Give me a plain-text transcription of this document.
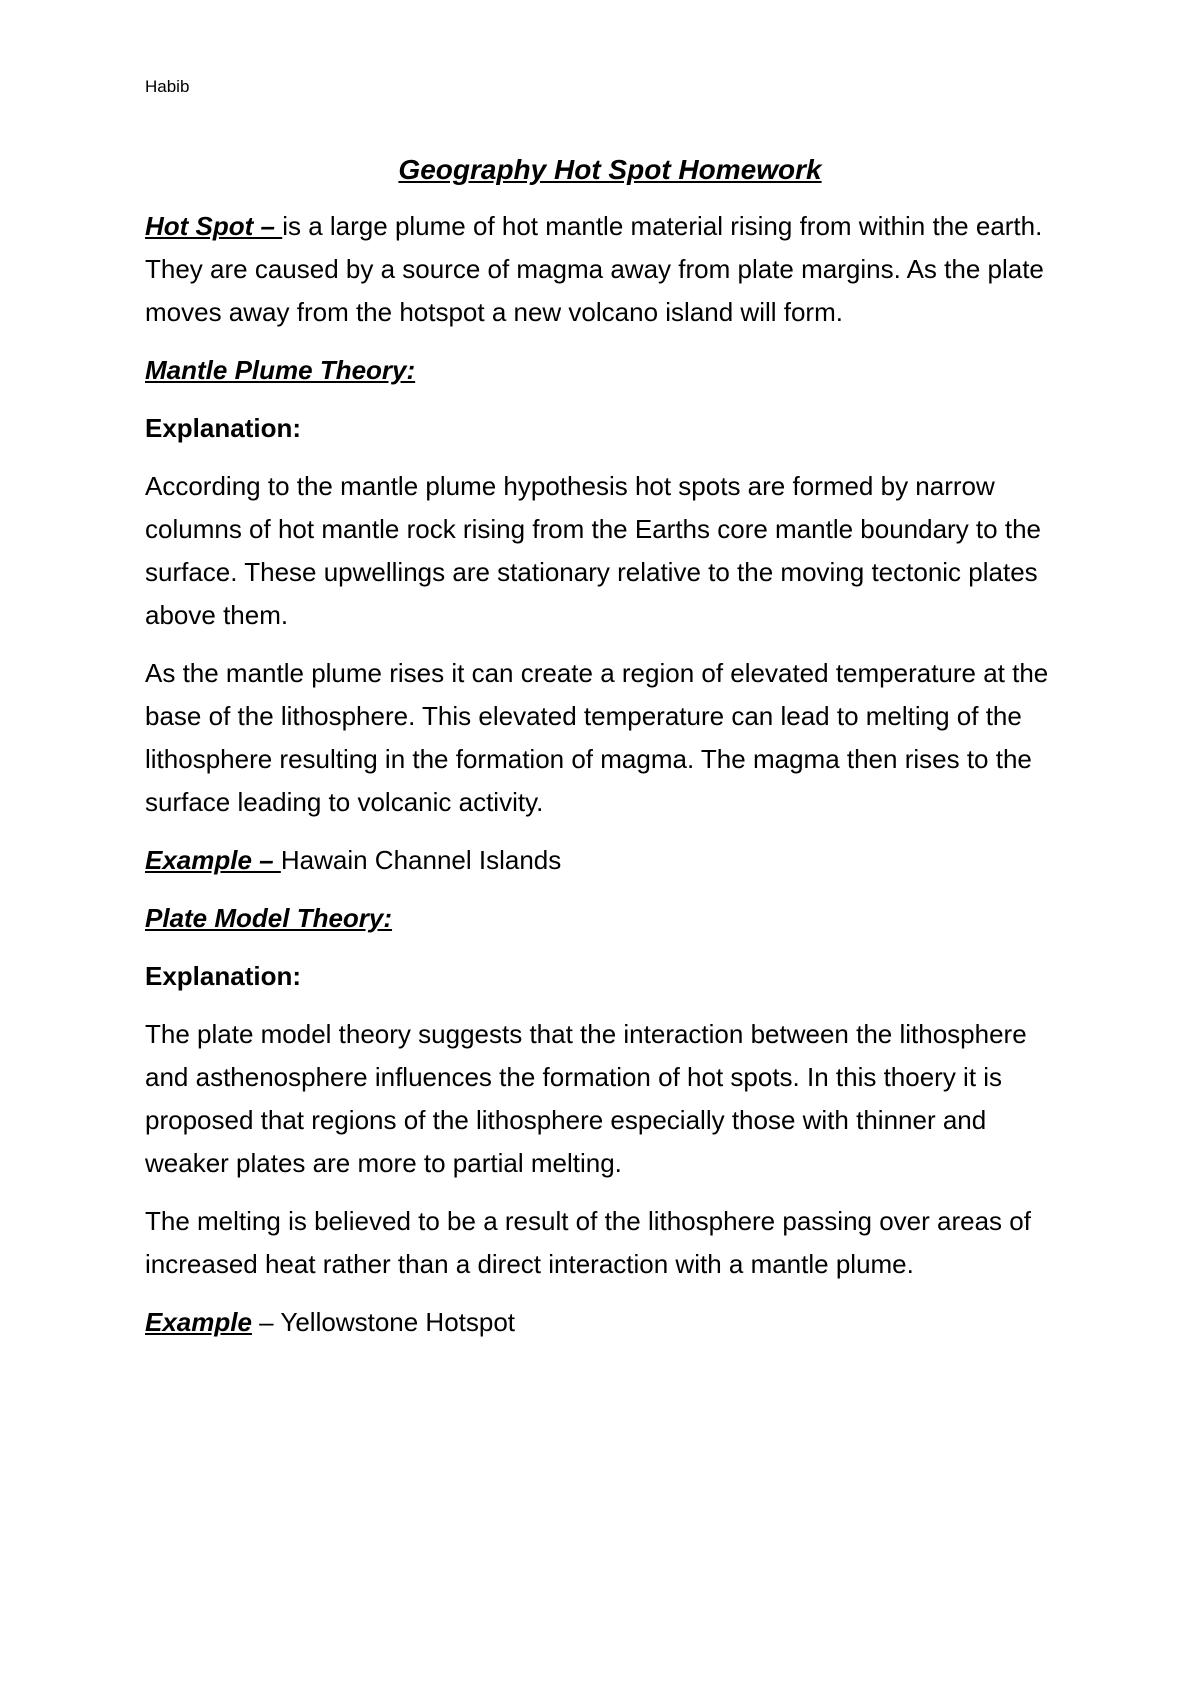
Habib
Geography Hot Spot Homework

Hot Spot – is a large plume of hot mantle material rising from within the earth. They are caused by a source of magma away from plate margins. As the plate moves away from the hotspot a new volcano island will form.

Mantle Plume Theory:

Explanation:

According to the mantle plume hypothesis hot spots are formed by narrow columns of hot mantle rock rising from the Earths core mantle boundary to the surface. These upwellings are stationary relative to the moving tectonic plates above them.

As the mantle plume rises it can create a region of elevated temperature at the base of the lithosphere. This elevated temperature can lead to melting of the lithosphere resulting in the formation of magma. The magma then rises to the surface leading to volcanic activity.

Example – Hawain Channel Islands

Plate Model Theory:

Explanation:

The plate model theory suggests that the interaction between the lithosphere and asthenosphere influences the formation of hot spots. In this thoery it is proposed that regions of the lithosphere especially those with thinner and weaker plates are more to partial melting.

The melting is believed to be a result of the lithosphere passing over areas of increased heat rather than a direct interaction with a mantle plume.

Example – Yellowstone Hotspot
